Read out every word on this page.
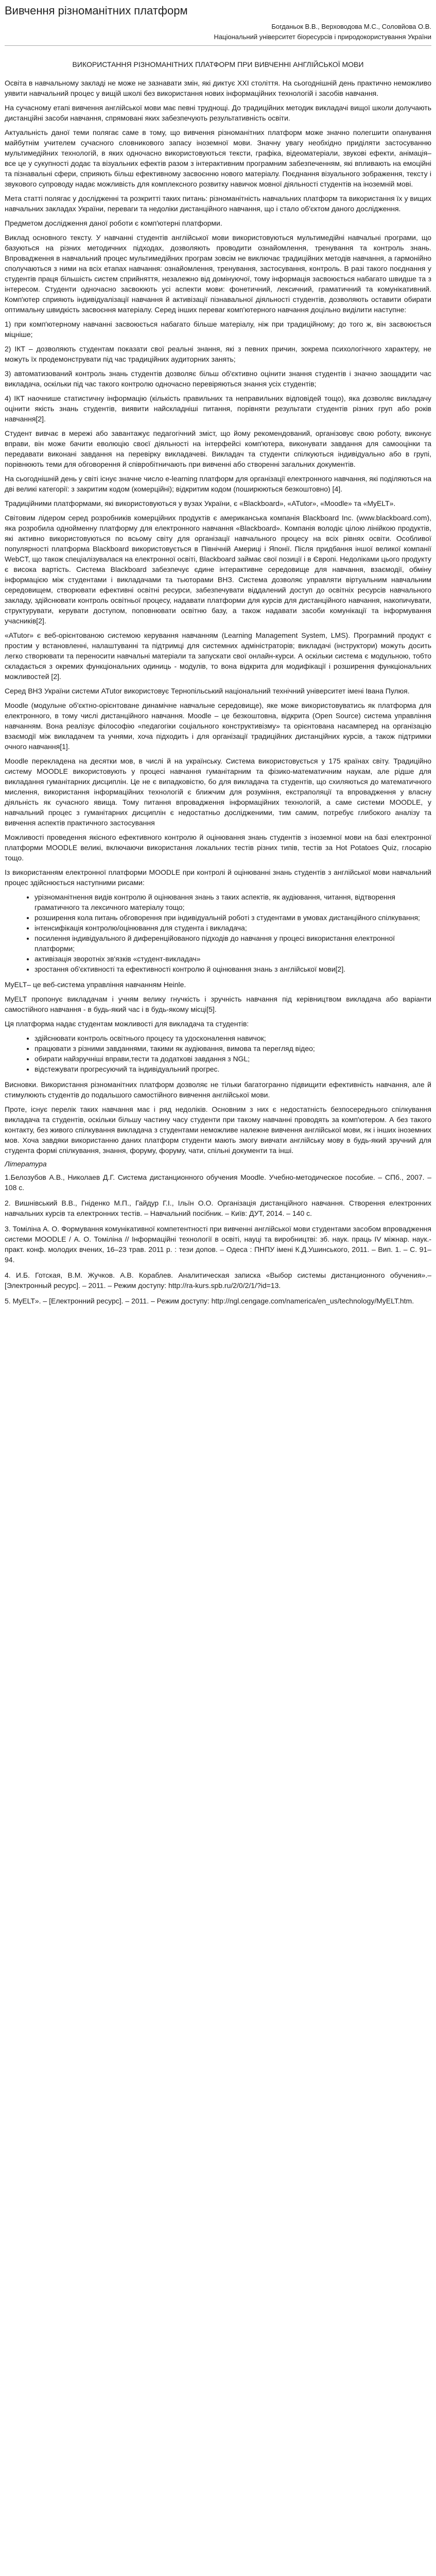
Вивчення різноманітних платформ
Богданьок В.В., Верховодова М.С., Соловйова О.В.
Національний університет біоресурсів і природокористування України
ВИКОРИСТАННЯ РІЗНОМАНІТНИХ ПЛАТФОРМ ПРИ ВИВЧЕННІ АНГЛІЙСЬКОЇ МОВИ

Освіта в навчальному закладі не може не зазнавати змін, які диктує XXI століття. На сьогоднішній день практично неможливо уявити навчальний процес у вищій школі без використання нових інформаційних технологій і засобів навчання.

На сучасному етапі вивчення англійської мови має певні труднощі. До традиційних методик викладачі вищої школи долучають дистанційні засоби навчання, спрямовані яких забезпечують результативність освіти.

Актуальність даної теми полягає саме в тому, що вивчення різноманітних платформ може значно полегшити опанування майбутнім учителем сучасного словникового запасу іноземної мови. Значну увагу необхідно приділяти застосуванню мультимедійних технологій, в яких одночасно використовуються тексти, графіка, відеоматеріали, звукові ефекти, анімація– все це у сукупності додає та візуальних ефектів разом з інтерактивним програмним забезпеченням, які впливають на емоційні та пізнавальні сфери, сприяють більш ефективному засвоєнню нового матеріалу. Поєднання візуального зображення, тексту і звукового супроводу надає можливість для комплексного розвитку навичок мовної діяльності студентів на іноземній мові.

Мета статті полягає у дослідженні та розкритті таких питань: різноманітність навчальних платформ та використання їх у вищих навчальних закладах України, переваги та недоліки дистанційного навчання, що і стало об'єктом даного дослідження.

Предметом дослідження даної роботи є комп'ютерні платформи.

Виклад основного тексту. У навчанні студентів англійської мови використовуються мультимедійні навчальні програми, що базуються на різних методичних підходах, дозволяють проводити ознайомлення, тренування та контроль знань. Впровадження в навчальний процес мультимедійних програм зовсім не виключає традиційних методів навчання, а гармонійно сполучаються з ними на всіх етапах навчання: ознайомлення, тренування, застосування, контроль. В разі такого поєднання у студентів праця більшість систем сприйняття, незалежно від домінуючої, тому інформація засвоюється набагато швидше та з інтересом. Студенти одночасно засвоюють усі аспекти мови: фонетичний, лексичний, граматичний та комунікативний. Комп'ютер сприяють індивідуалізації навчання й активізації пізнавальної діяльності студентів, дозволяють оставити обирати оптимальну швидкість засвоєння матеріалу. Серед інших переваг комп'ютерного навчання доцільно виділити наступне:

1) при комп'ютерному навчанні засвоюється набагато більше матеріалу, ніж при традиційному; до того ж, він засвоюється міцніше;

2) ІКТ – дозволяють студентам показати свої реальні знання, які з певних причин, зокрема психологічного характеру, не можуть їх продемонструвати під час традиційних аудиторних занять;

3) автоматизований контроль знань студентів дозволяє більш об'єктивно оцінити знання студентів і значно заощадити час викладача, оскільки під час такого контролю одночасно перевіряються знання усіх студентів;

4) ІКТ наочнише статистичну інформацію (кількість правильних та неправильних відповідей тощо), яка дозволяє викладачу оцінити якість знань студентів, виявити найскладніші питання, порівняти результати студентів різних груп або років навчання[2].

Студент вивчає в мережі або завантажує педагогічний зміст, що йому рекомендований, організовує свою роботу, виконує вправи, він може бачити еволюцію своєї діяльності на інтерфейсі комп'ютера, виконувати завдання для самооцінки та передавати виконані завдання на перевірку викладачеві. Викладач та студенти спілкуються індивідуально або в групі, порівнюють теми для обговорення й співробітничають при вивченні або створенні загальних документів.

На сьогоднішній день у світі існує значне число e-learning платформ для організації електронного навчання, які поділяються на дві великі категорії: з закритим кодом (комерційні); відкритим кодом (поширюються безкоштовно) [4].

Традиційними платформами, які використовуються у вузах України, є «Blackboard», «ATutor», «Moodle» та «MyELT».

Світовим лідером серед розробників комерційних продуктів є американська компанія Blackboard Inc. (www.blackboard.com), яка розробила однойменну платформу для електронного навчання «Blackboard». Компанія володіє цілою лінійкою продуктів, які активно використовуються по всьому світу для організації навчального процесу на всіх рівнях освіти. Особливої популярності платформа Blackboard використовується в Північній Америці і Японії. Після придбання іншої великої компанії WebCT, що також спеціалізувалася на електронної освіті, Blackboard займає свої позиції і в Європі. Недоліками цього продукту є висока вартість. Система Blackboard забезпечує єдине інтерактивне середовище для навчання, взаємодії, обміну інформацією між студентами і викладачами та тьюторами ВНЗ. Система дозволяє управляти віртуальним навчальним середовищем, створювати ефективні освітні ресурси, забезпечувати віддалений доступ до освітніх ресурсів навчального закладу, здійснювати контроль освітньої процесу, надавати платформи для курсів для дистанційного навчання, накопичувати, структурувати, керувати доступом, поповнювати освітню базу, а також надавати засоби комунікації та інформування учасників[2].

«ATutor» є веб-орієнтованою системою керування навчанням (Learning Management System, LMS). Програмний продукт є простим у встановленні, налаштуванні та підтримці для системних адміністраторів; викладачі (інструктори) можуть досить легко створювати та переносити навчальні матеріали та запускати свої онлайн-курси. А оскільки система є модульною, тобто складається з окремих функціональних одиниць - модулів, то вона відкрита для модифікації і розширення функціональних можливостей [2].

Серед ВНЗ України системи ATutor використовує Тернопільський національний технічний університет імені Івана Пулюя.

Moodle (модульне об'єктно-орієнтоване динамічне навчальне середовище), яке може використовуватись як платформа для електронного, в тому числі дистанційного навчання. Moodle – це безкоштовна, відкрита (Open Source) система управління навчанням. Вона реалізує філософію «педагогіки соціального конструктивізму» та орієнтована насамперед на організацію взаємодії між викладачем та учнями, хоча підходить і для організації традиційних дистанційних курсів, а також підтримки очного навчання[1].

Moodle перекладена на десятки мов, в числі й на українську. Система використовується у 175 країнах світу. Традиційно систему MOODLE використовують у процесі навчання гуманітарним та фізико-математичним наукам, але рідше для викладання гуманітарних дисциплін. Це не є випадковістю, бо для викладача та студентів, що схиляються до математичного мислення, використання інформаційних технологій є ближчим для розуміння, екстраполяції та впровадження у власну діяльність як сучасного явища. Тому питання впровадження інформаційних технологій, а саме системи MOODLE, у навчальний процес з гуманітарних дисциплін є недостатньо дослідженими, тим самим, потребує глибокого аналізу та вивчення аспектів практичного застосування

Можливості проведення якісного ефективного контролю й оцінювання знань студентів з іноземної мови на базі електронної платформи MOODLE великі, включаючи використання локальних тестів різних типів, тестів за Hot Potatoes Quiz, глосарію тощо.

Із використанням електронної платформи MOODLE при контролі й оцінюванні знань студентів з англійської мови навчальний процес здійснюється наступними рисами:

• урізноманітнення видів контролю й оцінювання знань з таких аспектів, як аудіювання, читання, відтворення граматичного та лексичного матеріалу тощо;
• розширення кола питань обговорення при індивідуальній роботі з студентами в умовах дистанційного спілкування;
• інтенсифікація контролю/оцінювання для студента і викладача;
• посилення індивідуального й диференційованого підходів до навчання у процесі використання електронної платформи;
• активізація зворотніх зв'язків «студент-викладач»
• зростання об'єктивності та ефективності контролю й оцінювання знань з англійської мови[2].

MyELT– це веб-система управління навчанням Heinle.

MyELT пропонує викладачам і учням велику гнучкість і зручність навчання під керівництвом викладача або варіанти самостійного навчання - в будь-який час і в будь-якому місці[5].

Ця платформа надає студентам можливості для викладача та студентів:

• здійснювати контроль освітнього процесу та удосконалення навичок;
• працювати з різними завданнями, такими як аудіювання, вимова та перегляд відео;
• обирати найзручніші вправи,тести та додаткові завдання з NGL;
• відстежувати прогресуючий та індивідуальний прогрес.

Висновки. Використання різноманітних платформ дозволяє не тільки багатогранно підвищити ефективність навчання, але й стимулюють студентів до подальшого самостійного вивчення англійської мови.

Проте, існує перелік таких навчання має і ряд недоліків. Основним з них є недостатність безпосереднього спілкування викладача та студентів, оскільки більшу частину часу студенти при такому навчанні проводять за комп'ютером. А без такого контакту, без живого спілкування викладача з студентами неможливе належне вивчення англійської мови, як і інших іноземних мов. Хоча завдяки використанню даних платформ студенти мають змогу вивчати англійську мову в будь-який зручний для студента формі спілкування, знання, форуму, форуму, чати, спільні документи та інші.

Література

1.Белозубов А.В., Николаев Д.Г. Система дистанционного обучения Moodle. Учебно-методическое пособие. – СПб., 2007. – 108 с.

2. Вишнівський В.В., Гніденко М.П., Гайдур Г.І., Ільїн О.О. Організація дистанційного навчання. Створення електронних навчальних курсів та електронних тестів. – Навчальний посібник. – Київ: ДУТ, 2014. – 140 с.

3. Томіліна А. О. Формування комунікативної компетентності при вивченні англійської мови студентами засобом впровадження системи MOODLE / А. О. Томіліна // Інформаційні технології в освіті, науці та виробництві: зб. наук. праць ІV міжнар. наук.-практ. конф. молодих вчених, 16–23 трав. 2011 р. : тези допов. – Одеса : ПНПУ імені К.Д.Ушинського, 2011. – Вип. 1. – С. 91–94.

4. И.Б. Готская, В.М. Жучков. А.В. Кораблев. Аналитическая записка «Выбор системы дистанционного обучения».– [Электронный ресурс]. – 2011. – Режим доступу: http://ra-kurs.spb.ru/2/0/2/1/?id=13.

5. MyELT». – [Електронний ресурс]. – 2011. – Режим доступу: http://ngl.cengage.com/namerica/en_us/technology/MyELT.htm.
